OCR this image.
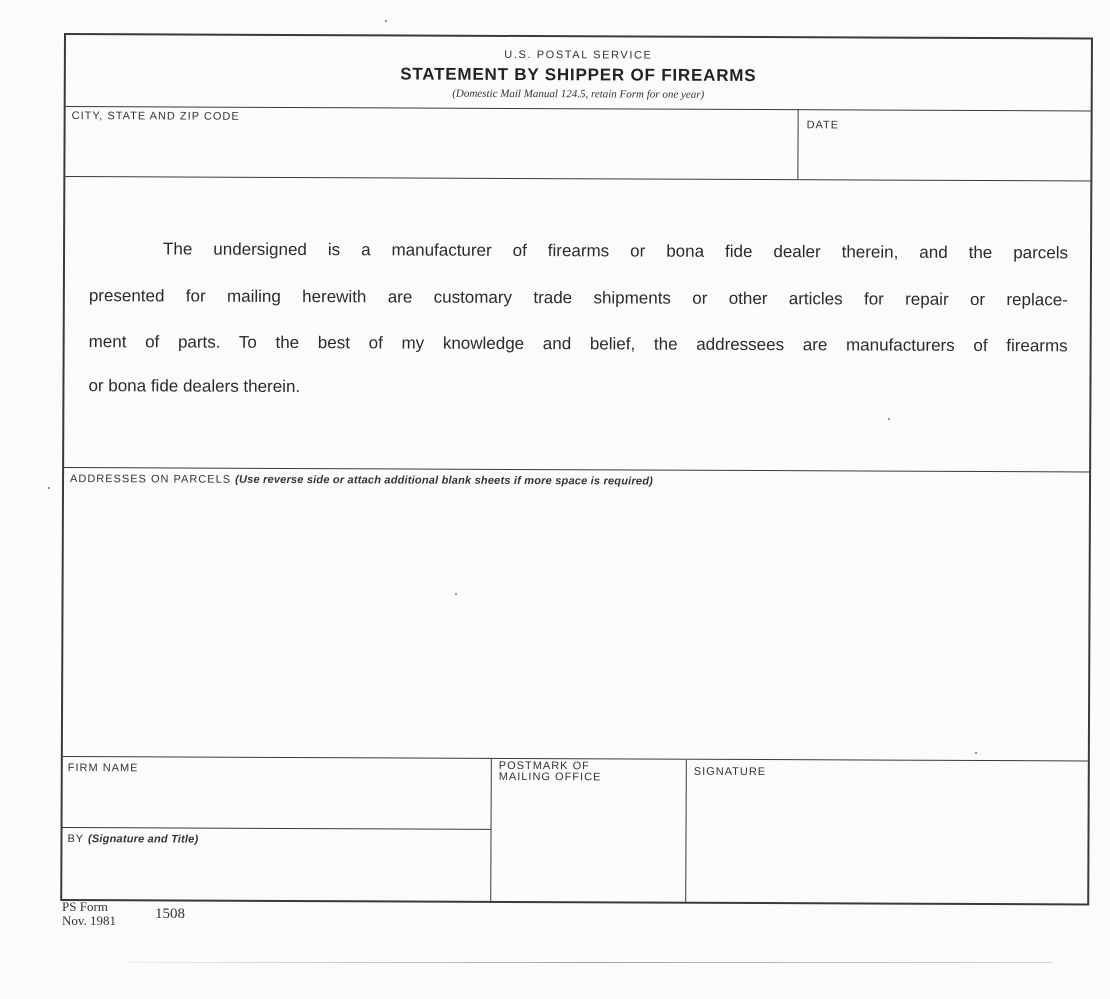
U.S. POSTAL SERVICE
STATEMENT BY SHIPPER OF FIREARMS
(Domestic Mail Manual 124.5, retain Form for one year)
CITY, STATE AND ZIP CODE
DATE
The undersigned is a manufacturer of firearms or bona fide dealer therein, and the parcels
presented for mailing herewith are customary trade shipments or other articles for repair or replace-
ment of parts. To the best of my knowledge and belief, the addressees are manufacturers of firearms
or bona fide dealers therein.
ADDRESSES ON PARCELS (Use reverse side or attach additional blank sheets if more space is required)
FIRM NAME
BY (Signature and Title)
POSTMARK OF
MAILING OFFICE	SIGNATURE
PS Form
Nov. 1981	1508
